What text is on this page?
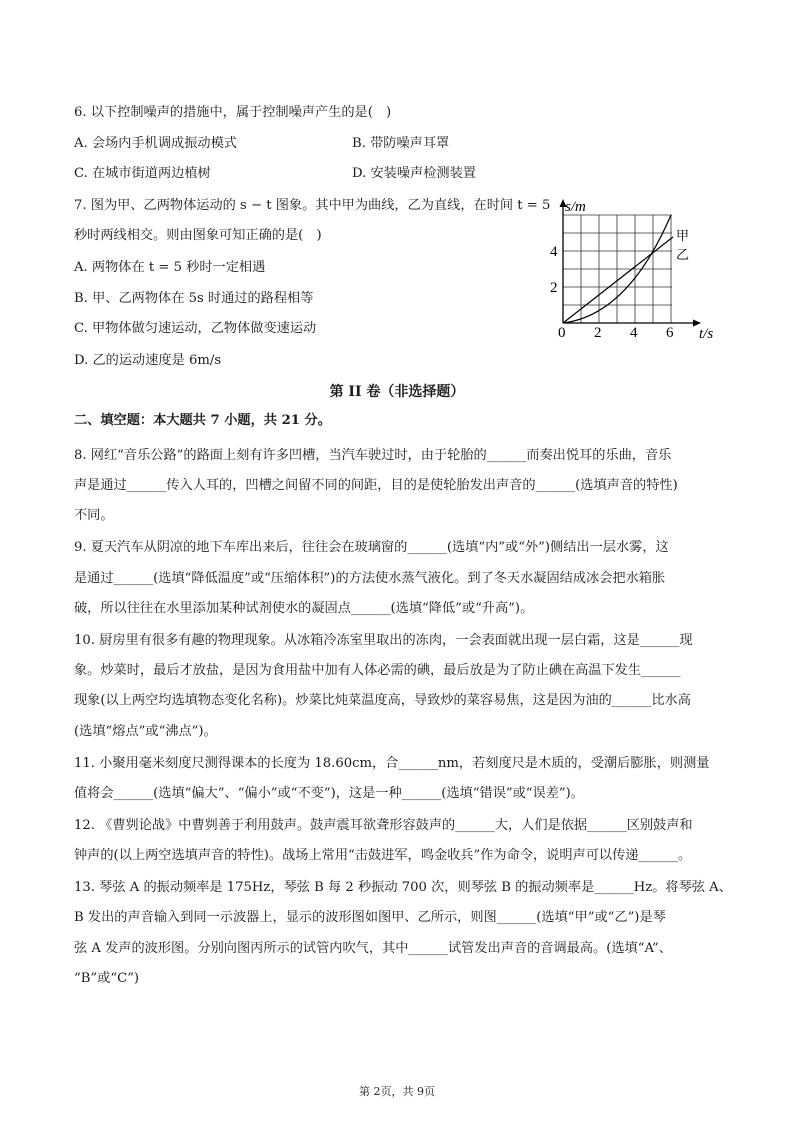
6. 以下控制噪声的措施中，属于控制噪声产生的是(　)
A. 会场内手机调成振动模式	B. 带防噪声耳罩
C. 在城市街道两边植树	D. 安装噪声检测装置
7. 图为甲、乙两物体运动的 s − t 图象。其中甲为曲线，乙为直线，在时间 t = 5
秒时两线相交。则由图象可知正确的是(　)
A. 两物体在 t = 5 秒时一定相遇
B. 甲、乙两物体在 5s 时通过的路程相等
C. 甲物体做匀速运动，乙物体做变速运动
D. 乙的运动速度是 6m/s
s/m
t/s
0 2 4 6
2
4
甲
乙
第 II 卷（非选择题）
二、填空题：本大题共 7 小题，共 21 分。
8. 网红“音乐公路”的路面上刻有许多凹槽，当汽车驶过时，由于轮胎的______而奏出悦耳的乐曲，音乐
声是通过______传入人耳的，凹槽之间留不同的间距，目的是使轮胎发出声音的______(选填声音的特性)
不同。
9. 夏天汽车从阴凉的地下车库出来后，往往会在玻璃窗的______(选填“内”或“外”)侧结出一层水雾，这
是通过______(选填“降低温度”或“压缩体积”)的方法使水蒸气液化。到了冬天水凝固结成冰会把水箱胀
破，所以往往在水里添加某种试剂使水的凝固点______(选填“降低”或“升高”)。
10. 厨房里有很多有趣的物理现象。从冰箱冷冻室里取出的冻肉，一会表面就出现一层白霜，这是______现
象。炒菜时，最后才放盐，是因为食用盐中加有人体必需的碘，最后放是为了防止碘在高温下发生______
现象(以上两空均选填物态变化名称)。炒菜比炖菜温度高，导致炒的菜容易焦，这是因为油的______比水高
(选填“熔点”或“沸点”)。
11. 小聚用毫米刻度尺测得课本的长度为 18.60cm，合______nm，若刻度尺是木质的，受潮后膨胀，则测量
值将会______(选填“偏大”、“偏小”或“不变”)，这是一种______(选填“错误”或“误差”)。
12. 《曹刿论战》中曹刿善于利用鼓声。鼓声震耳欲聋形容鼓声的______大，人们是依据______区别鼓声和
钟声的(以上两空选填声音的特性)。战场上常用“击鼓进军，鸣金收兵”作为命令，说明声可以传递______。
13. 琴弦 A 的振动频率是 175Hz，琴弦 B 每 2 秒振动 700 次，则琴弦 B 的振动频率是______Hz。将琴弦 A、
B 发出的声音输入到同一示波器上，显示的波形图如图甲、乙所示，则图______(选填“甲”或“乙”)是琴
弦 A 发声的波形图。分别向图丙所示的试管内吹气，其中______试管发出声音的音调最高。(选填“A”、
“B”或“C”)
第 2页，共 9页
